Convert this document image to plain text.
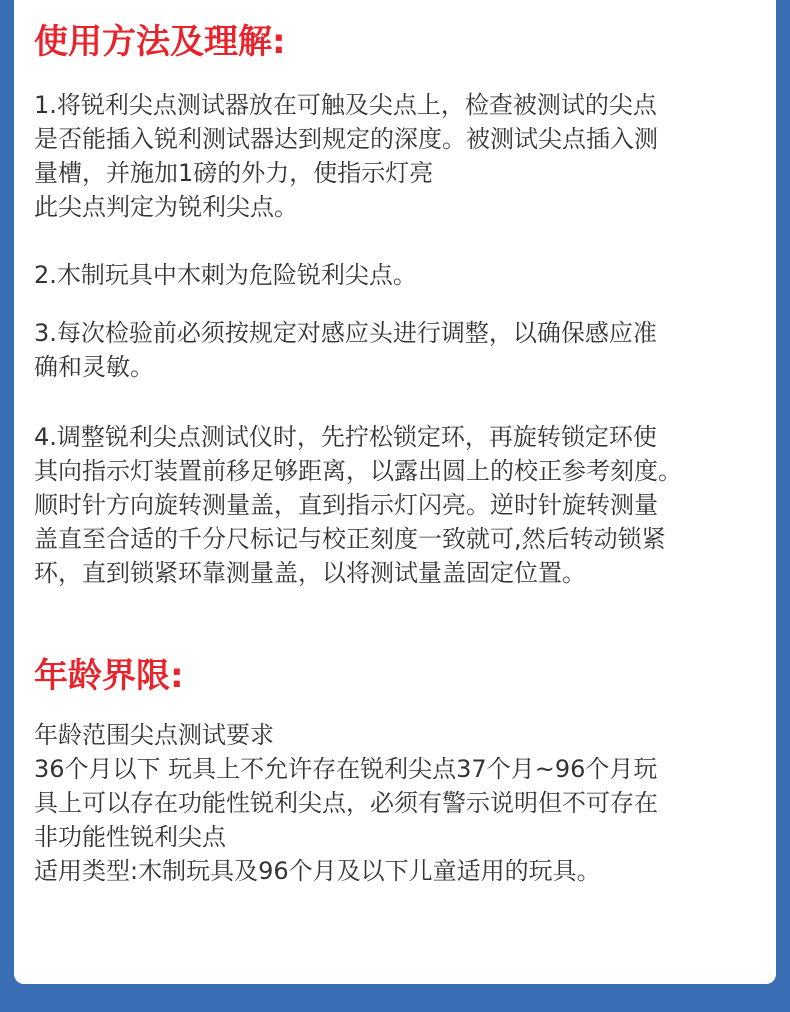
使用方法及理解:

1.将锐利尖点测试器放在可触及尖点上，检查被测试的尖点
是否能插入锐利测试器达到规定的深度。被测试尖点插入测
量槽，并施加1磅的外力，使指示灯亮
此尖点判定为锐利尖点。

2.木制玩具中木刺为危险锐利尖点。

3.每次检验前必须按规定对感应头进行调整，以确保感应准
确和灵敏。

4.调整锐利尖点测试仪时，先拧松锁定环，再旋转锁定环使
其向指示灯装置前移足够距离，以露出圆上的校正参考刻度。
顺时针方向旋转测量盖，直到指示灯闪亮。逆时针旋转测量
盖直至合适的千分尺标记与校正刻度一致就可,然后转动锁紧
环，直到锁紧环靠测量盖，以将测试量盖固定位置。

年龄界限:

年龄范围尖点测试要求
36个月以下 玩具上不允许存在锐利尖点37个月~96个月玩
具上可以存在功能性锐利尖点，必须有警示说明但不可存在
非功能性锐利尖点
适用类型:木制玩具及96个月及以下儿童适用的玩具。
